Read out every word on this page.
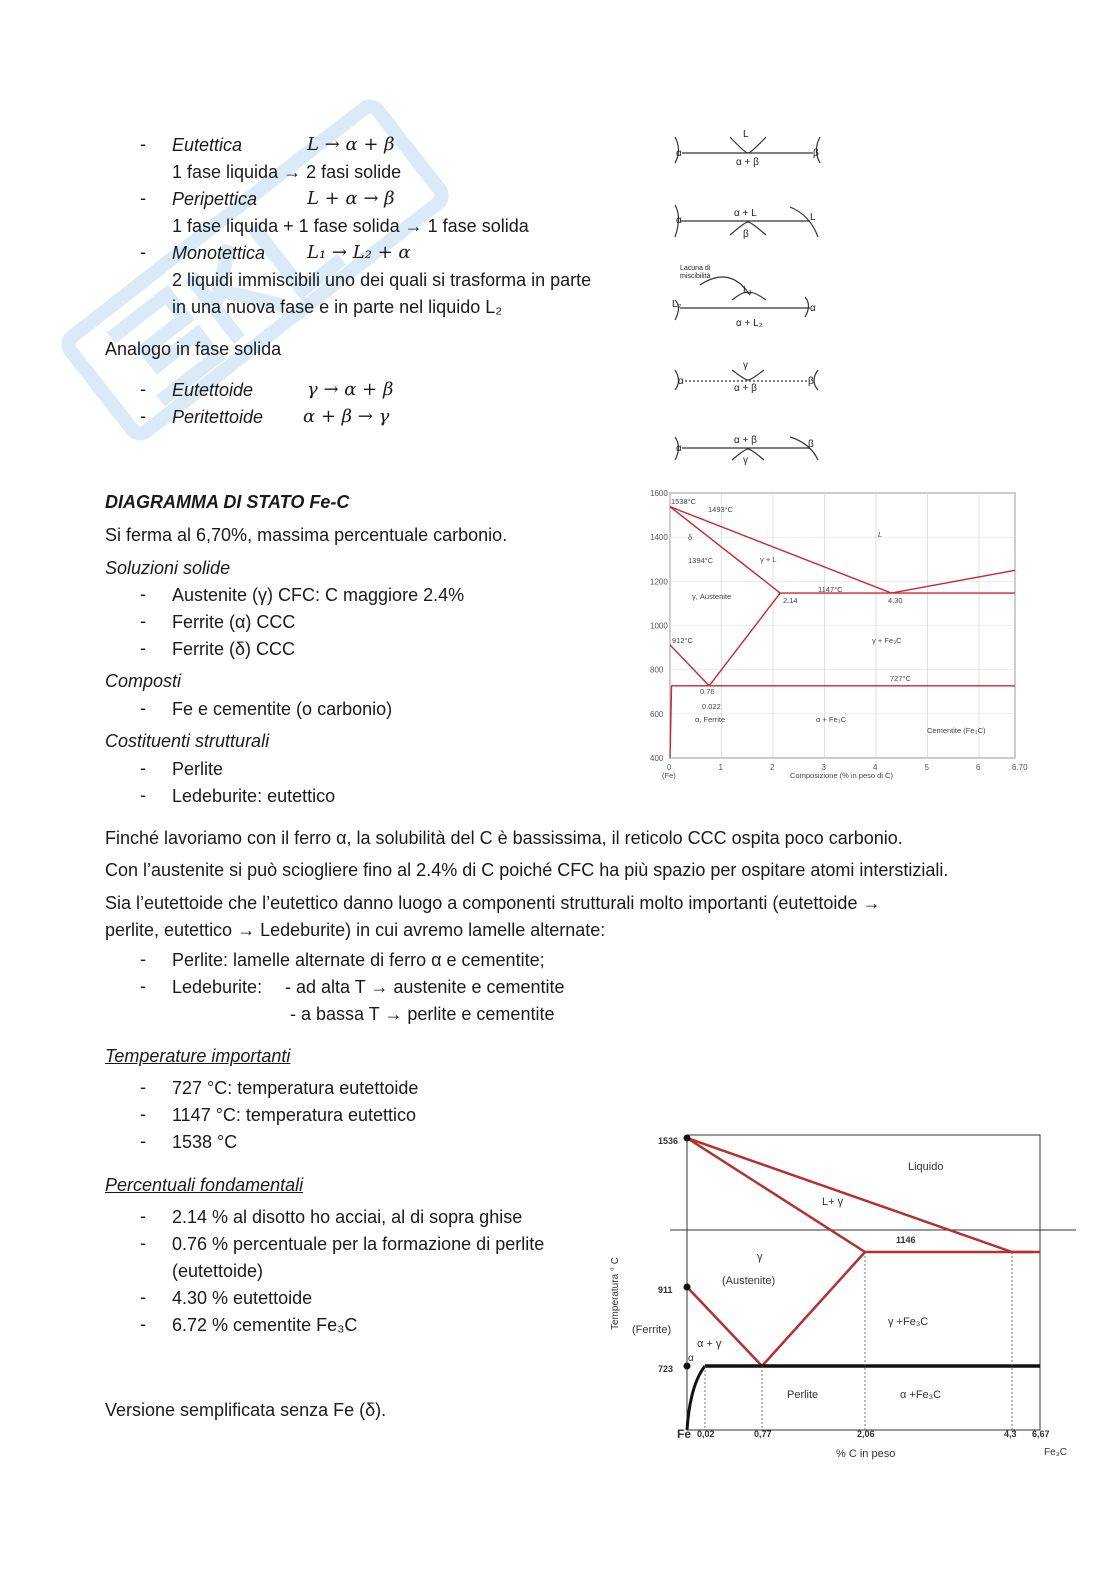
- Eutettica	L → α + β
1 fase liquida → 2 fasi solide
- Peripettica	L + α → β
1 fase liquida + 1 fase solida → 1 fase solida
- Monotettica L₁ → L₂ + α
2 liquidi immiscibili uno dei quali si trasforma in parte
in una nuova fase e in parte nel liquido L₂
Analogo in fase solida
- Eutettoide	γ → α + β
- Peritettoide α + β → γ
L
α	β
α + β
α + L
α	L
β
Lacuna di
miscibilità
L₁
L₂	α
α + L₂
γ
α	β
α + β
α + β
α	β
γ
DIAGRAMMA DI STATO Fe-C
Si ferma al 6,70%, massima percentuale carbonio.
Soluzioni solide
- Austenite (γ) CFC: C maggiore 2.4%
- Ferrite (α) CCC
- Ferrite (δ) CCC
Composti
- Fe e cementite (o carbonio)
Costituenti strutturali
- Perlite
- Ledeburite: eutettico
0	1	2	3	4	5	6	6.70
400
600
800
1000
1200
1400
1600
1538°C
1493°C
1394°C
1147°C
912°C
727°C
2.14	4.30
0.76
0.022
L
δ
γ + L
γ, Austenite
γ + Fe₃C
α, Ferrite	α + Fe₃C
Cementite (Fe₃C)
(Fe)	Composizione (% in peso di C)
Finché lavoriamo con il ferro α, la solubilità del C è bassissima, il reticolo CCC ospita poco carbonio.
Con l’austenite si può sciogliere fino al 2.4% di C poiché CFC ha più spazio per ospitare atomi interstiziali.
Sia l’eutettoide che l’eutettico danno luogo a componenti strutturali molto importanti (eutettoide →
perlite, eutettico → Ledeburite) in cui avremo lamelle alternate:
- Perlite: lamelle alternate di ferro α e cementite;
- Ledeburite: - ad alta T → austenite e cementite
- a bassa T → perlite e cementite
Temperature importanti
- 727 °C: temperatura eutettoide
- 1147 °C: temperatura eutettico
- 1538 °C
Percentuali fondamentali
- 2.14 % al disotto ho acciai, al di sopra ghise
- 0.76 % percentuale per la formazione di perlite
(eutettoide)
- 4.30 % eutettoide
- 6.72 % cementite Fe₃C
Versione semplificata senza Fe (δ).
1536
911
723
Fe 0,02	0,77	2,06	4,3 6,67
Liquido
L+ γ
γ
(Austenite)
(Ferrite)
α
α + γ
γ +Fe₃C
Perlite	α +Fe₃C
1146
% C in peso	Fe₃C
Temperatura ° C
